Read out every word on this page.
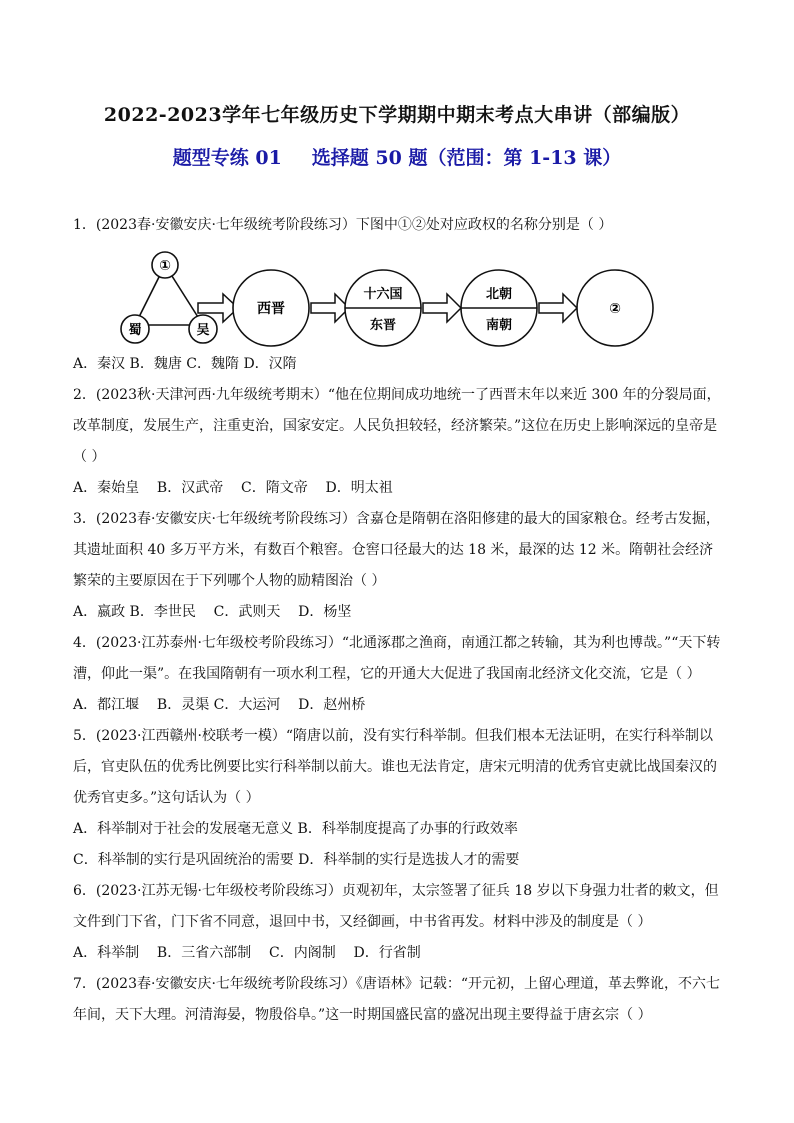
2022-2023学年七年级历史下学期期中期末考点大串讲（部编版）
题型专练 01 选择题 50 题（范围：第 1-13 课）

1．(2023春·安徽安庆·七年级统考阶段练习）下图中①②处对应政权的名称分别是（ ）

①
蜀	吴
西晋
十六国
东晋
北朝
南朝
②

A．秦汉 B．魏唐 C．魏隋 D．汉隋

2．(2023秋·天津河西·九年级统考期末）“他在位期间成功地统一了西晋末年以来近 300 年的分裂局面，改革制度，发展生产，注重吏治，国家安定。人民负担较轻，经济繁荣。”这位在历史上影响深远的皇帝是（ ）

A．秦始皇    B．汉武帝    C．隋文帝    D．明太祖

3．(2023春·安徽安庆·七年级统考阶段练习）含嘉仓是隋朝在洛阳修建的最大的国家粮仓。经考古发掘，其遗址面积 40 多万平方米，有数百个粮窖。仓窖口径最大的达 18 米，最深的达 12 米。隋朝社会经济繁荣的主要原因在于下列哪个人物的励精图治（ ）

A．嬴政 B．李世民    C．武则天    D．杨坚

4．(2023·江苏泰州·七年级校考阶段练习）“北通涿郡之渔商，南通江都之转输，其为利也博哉。”“天下转漕，仰此一渠”。在我国隋朝有一项水利工程，它的开通大大促进了我国南北经济文化交流，它是（ ）

A．都江堰    B．灵渠 C．大运河    D．赵州桥

5．(2023·江西赣州·校联考一模）“隋唐以前，没有实行科举制。但我们根本无法证明，在实行科举制以后，官吏队伍的优秀比例要比实行科举制以前大。谁也无法肯定，唐宋元明清的优秀官吏就比战国秦汉的优秀官吏多。”这句话认为（ ）

A．科举制对于社会的发展毫无意义 B．科举制度提高了办事的行政效率

C．科举制的实行是巩固统治的需要 D．科举制的实行是选拔人才的需要

6．(2023·江苏无锡·七年级校考阶段练习）贞观初年，太宗签署了征兵 18 岁以下身强力壮者的敕文，但文件到门下省，门下省不同意，退回中书，又经御画，中书省再发。材料中涉及的制度是（ ）

A．科举制    B．三省六部制    C．内阁制    D．行省制

7．(2023春·安徽安庆·七年级统考阶段练习）《唐语林》记载：“开元初，上留心理道，革去弊讹，不六七年间，天下大理。河清海晏，物殷俗阜。”这一时期国盛民富的盛况出现主要得益于唐玄宗（ ）
